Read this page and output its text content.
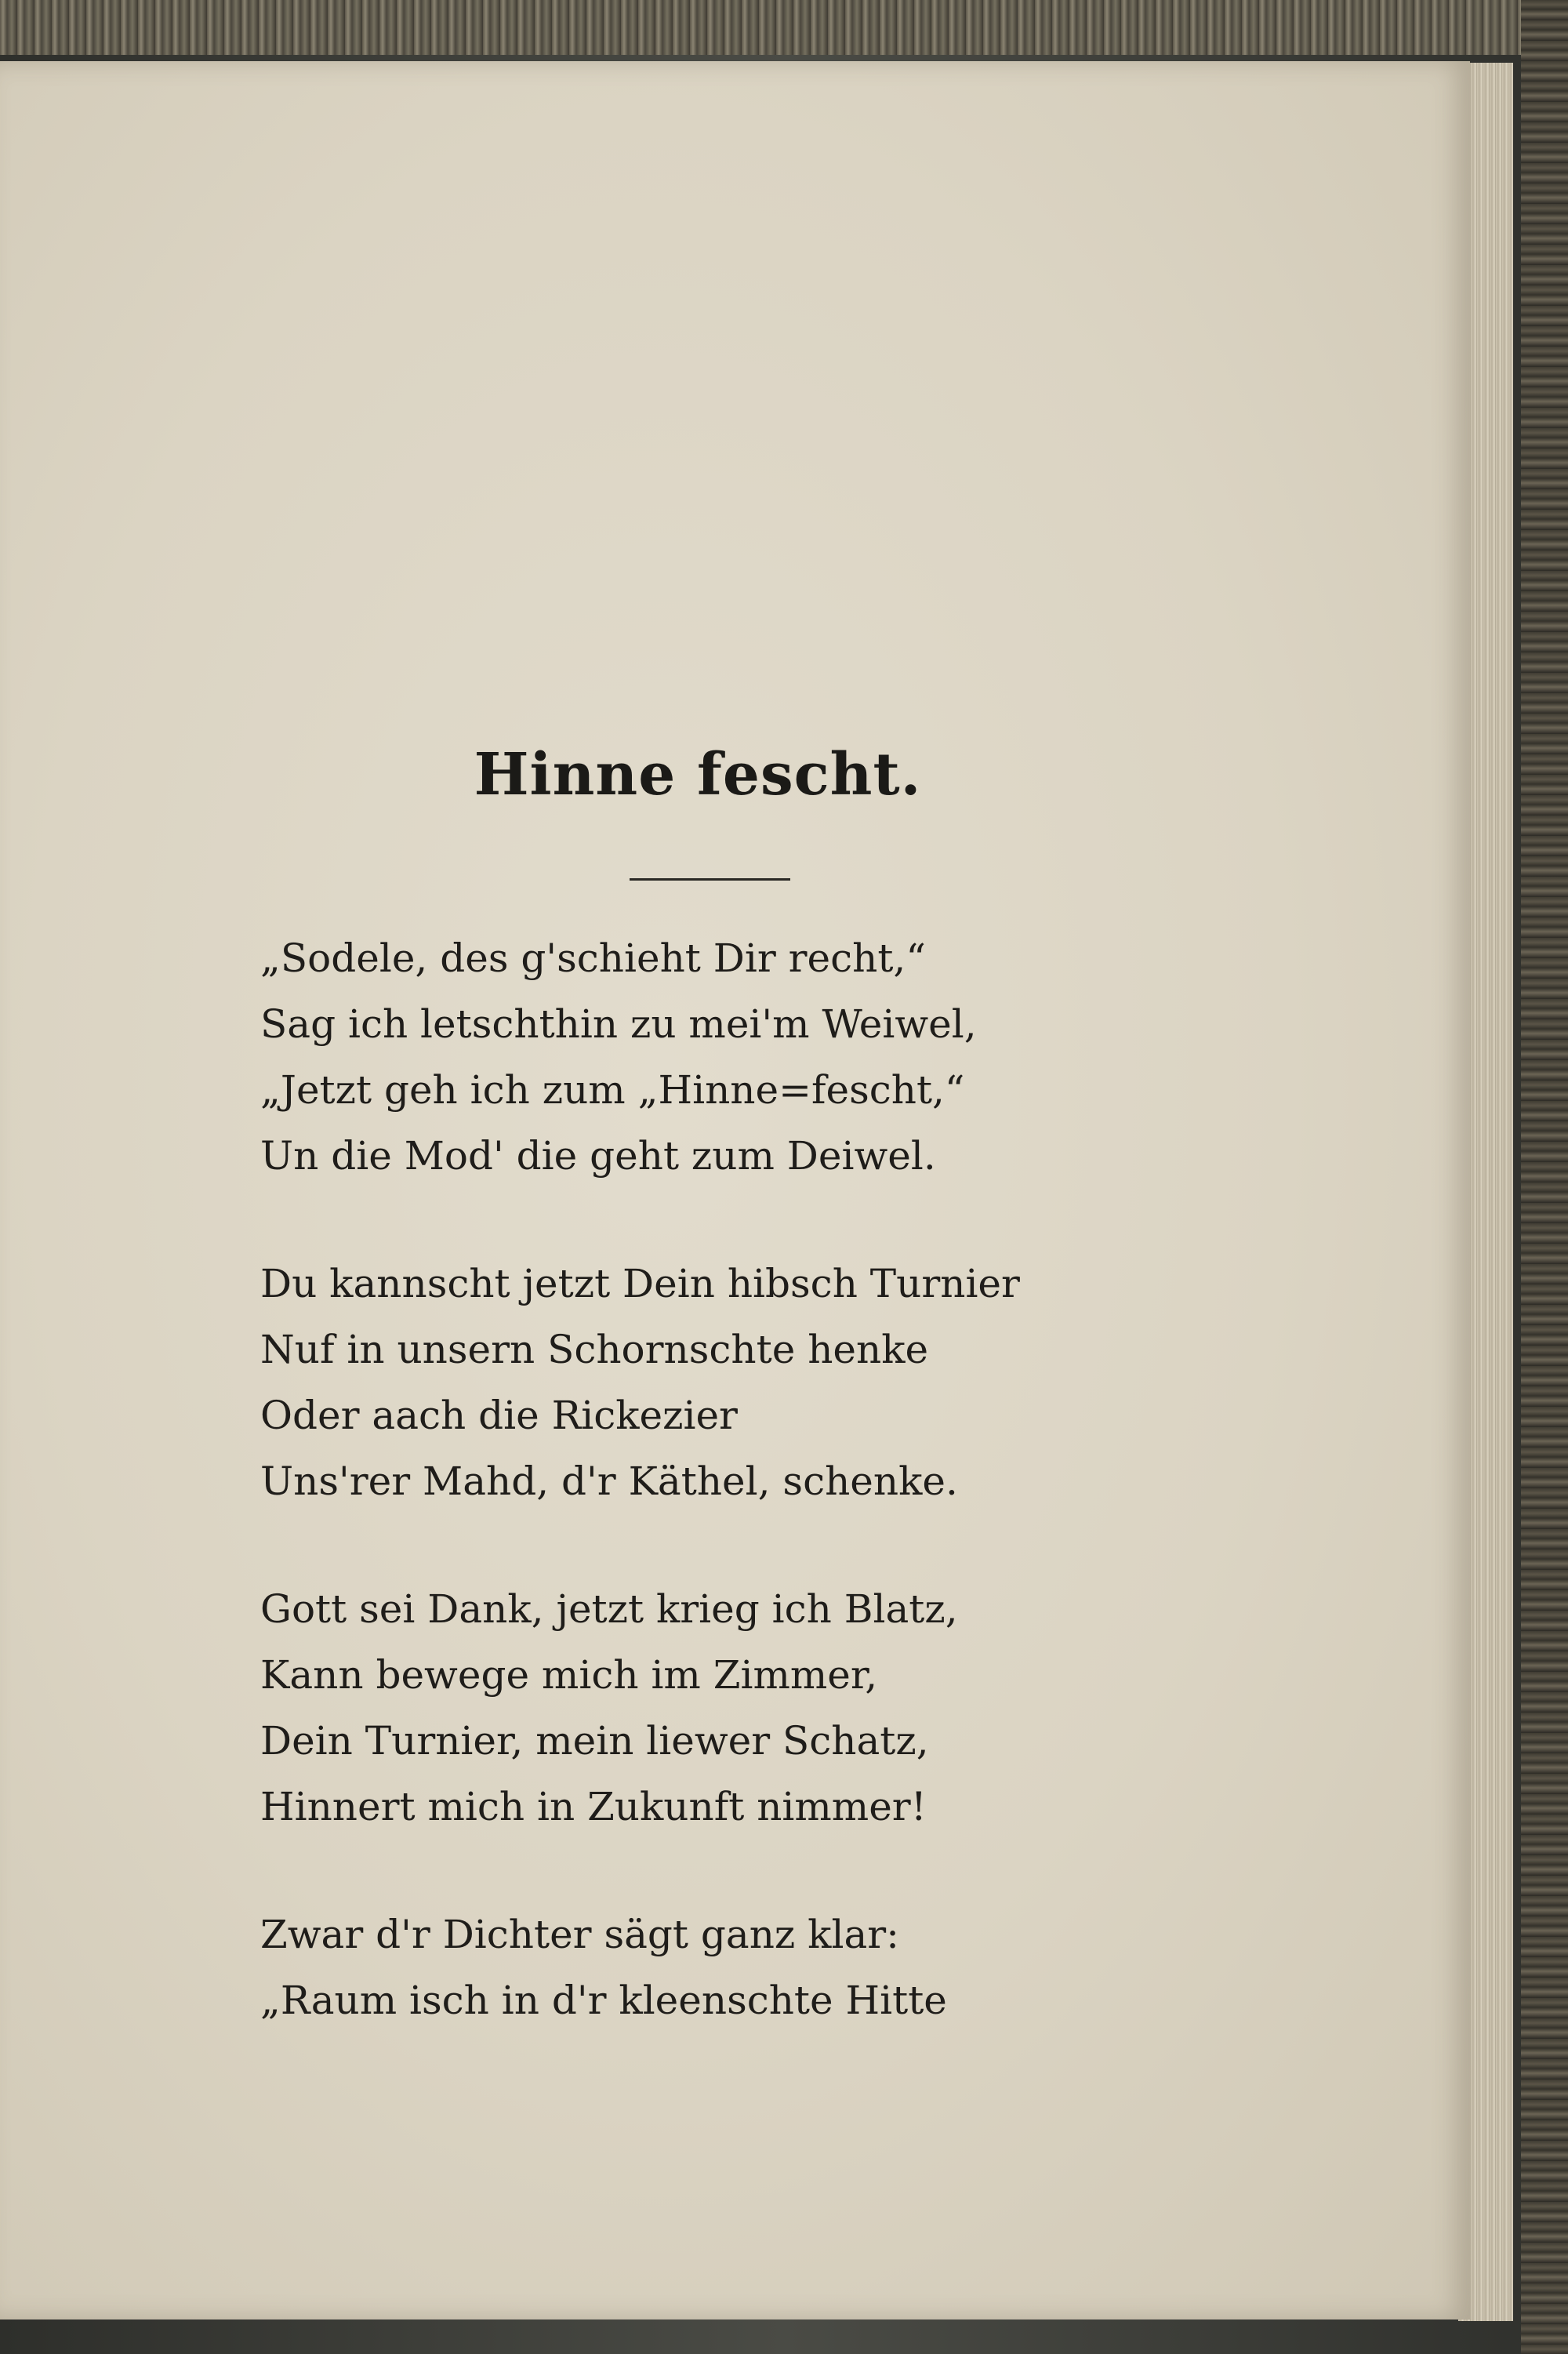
Hinne fescht.
„Sodele, des g'schieht Dir recht,“
Sag ich letschthin zu mei'm Weiwel,
„Jetzt geh ich zum „Hinne=fescht,“
Un die Mod' die geht zum Deiwel.
Du kannscht jetzt Dein hibsch Turnier
Nuf in unsern Schornschte henke
Oder aach die Rickezier
Uns'rer Mahd, d'r Käthel, schenke.
Gott sei Dank, jetzt krieg ich Blatz,
Kann bewege mich im Zimmer,
Dein Turnier, mein liewer Schatz,
Hinnert mich in Zukunft nimmer!
Zwar d'r Dichter sägt ganz klar:
„Raum isch in d'r kleenschte Hitte
